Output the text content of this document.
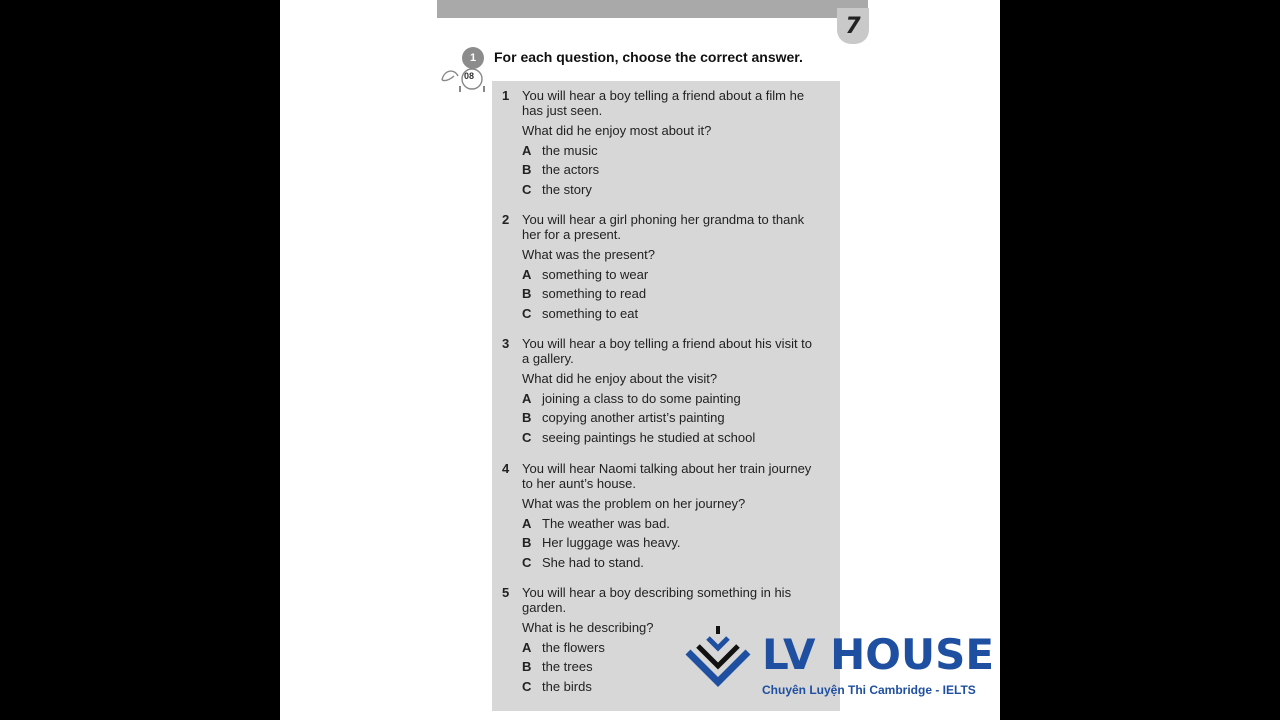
7
1	For each question, choose the correct answer.
08
1 You will hear a boy telling a friend about a film he
has just seen.
What did he enjoy most about it?
A the music
B the actors
C the story
2 You will hear a girl phoning her grandma to thank
her for a present.
What was the present?
A something to wear
B something to read
C something to eat
3 You will hear a boy telling a friend about his visit to
a gallery.
What did he enjoy about the visit?
A joining a class to do some painting
B copying another artist’s painting
C seeing paintings he studied at school
4 You will hear Naomi talking about her train journey
to her aunt’s house.
What was the problem on her journey?
A The weather was bad.
B Her luggage was heavy.
C She had to stand.
5 You will hear a boy describing something in his
garden.
What is he describing?
A the flowers
B the trees
C the birds
LV HOUSE
Chuyên Luyện Thi Cambridge - IELTS
